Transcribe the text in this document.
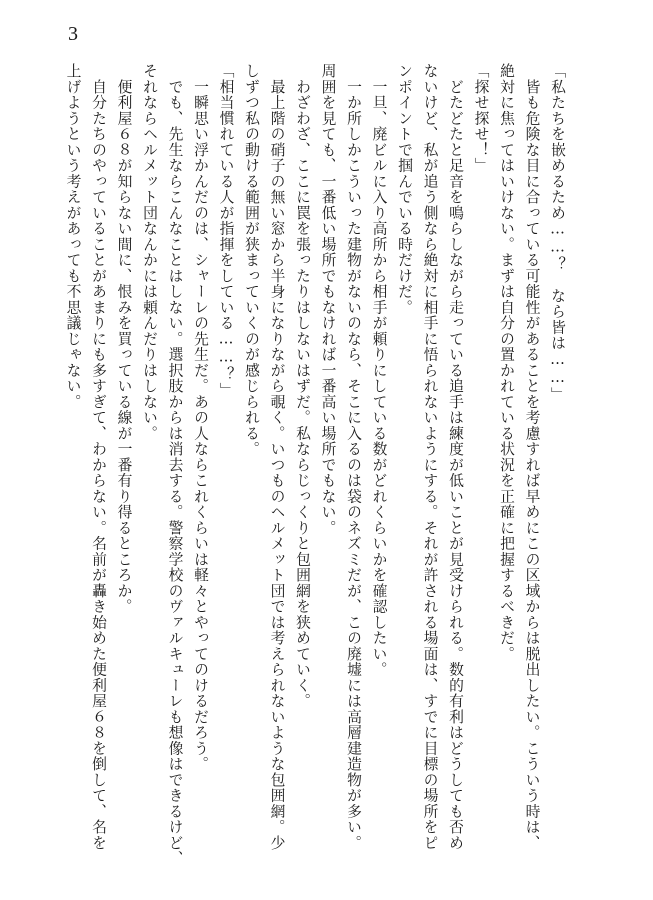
3
「私たちを嵌めるため……？　なら皆は……」
　皆も危険な目に合っている可能性があることを考慮すれば早めにこの区域からは脱出したい。こういう時は、
絶対に焦ってはいけない。まずは自分の置かれている状況を正確に把握するべきだ。
「探せ探せ！」
　どたどたと足音を鳴らしながら走っている追手は練度が低いことが見受けられる。数的有利はどうしても否め
ないけど、私が追う側なら絶対に相手に悟られないようにする。それが許される場面は、すでに目標の場所をピ
ンポイントで掴んでいる時だけだ。
　一旦、廃ビルに入り高所から相手が頼りにしている数がどれくらいかを確認したい。
　一か所しかこういった建物がないのなら、そこに入るのは袋のネズミだが、この廃墟には高層建造物が多い。
周囲を見ても、一番低い場所でもなければ一番高い場所でもない。
　わざわざ、ここに罠を張ったりはしないはずだ。私ならじっくりと包囲網を狭めていく。
　最上階の硝子の無い窓から半身になりながら覗く。いつものヘルメット団では考えられないような包囲網。少
しずつ私の動ける範囲が狭まっていくのが感じられる。
「相当慣れている人が指揮をしている……？」
　一瞬思い浮かんだのは、シャーレの先生だ。あの人ならこれくらいは軽々とやってのけるだろう。
　でも、先生ならこんなことはしない。選択肢からは消去する。警察学校のヴァルキューレも想像はできるけど、
それならヘルメット団なんかには頼んだりはしない。
　便利屋６８が知らない間に、恨みを買っている線が一番有り得るところか。
　自分たちのやっていることがあまりにも多すぎて、わからない。名前が轟き始めた便利屋６８を倒して、名を
上げようという考えがあっても不思議じゃない。
